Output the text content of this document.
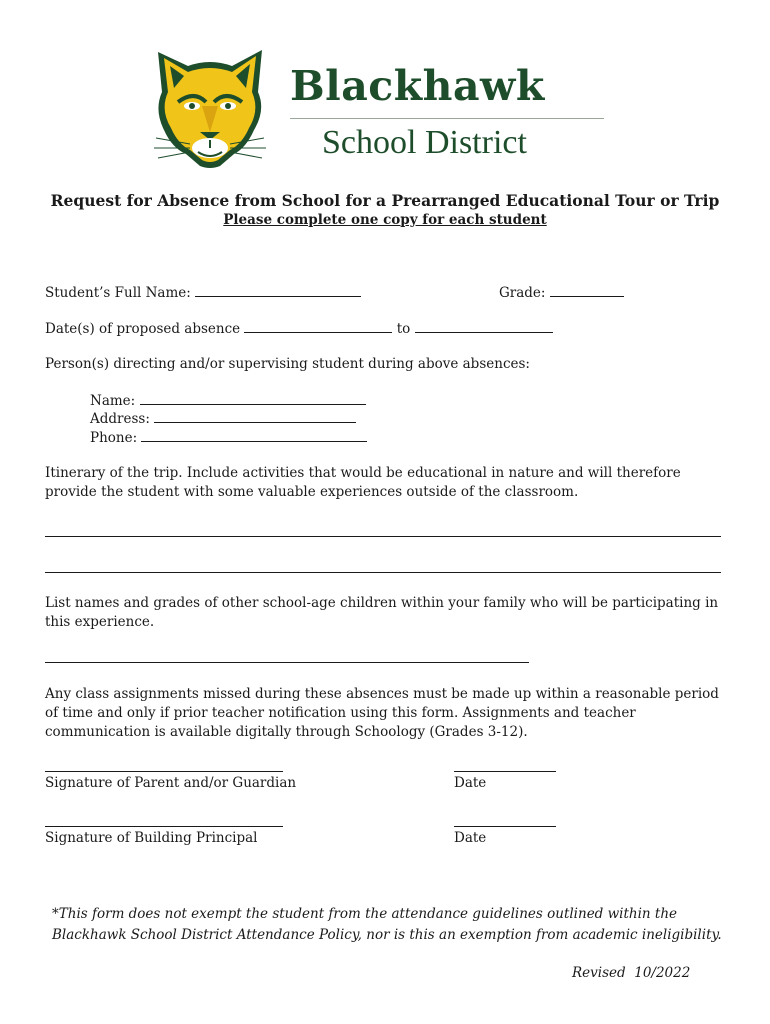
Blackhawk
School District
Request for Absence from School for a Prearranged Educational Tour or Trip
Please complete one copy for each student
Student’s Full Name:	Grade:
Date(s) of proposed absence	to
Person(s) directing and/or supervising student during above absences:
Name:
Address:
Phone:
Itinerary of the trip. Include activities that would be educational in nature and will therefore provide the student with some valuable experiences outside of the classroom.
List names and grades of other school-age children within your family who will be participating in this experience.
Any class assignments missed during these absences must be made up within a reasonable period of time and only if prior teacher notification using this form. Assignments and teacher communication is available digitally through Schoology (Grades 3-12).
Signature of Parent and/or Guardian	Date
Signature of Building Principal	Date
*This form does not exempt the student from the attendance guidelines outlined within the
Blackhawk School District Attendance Policy, nor is this an exemption from academic ineligibility.
Revised  10/2022
